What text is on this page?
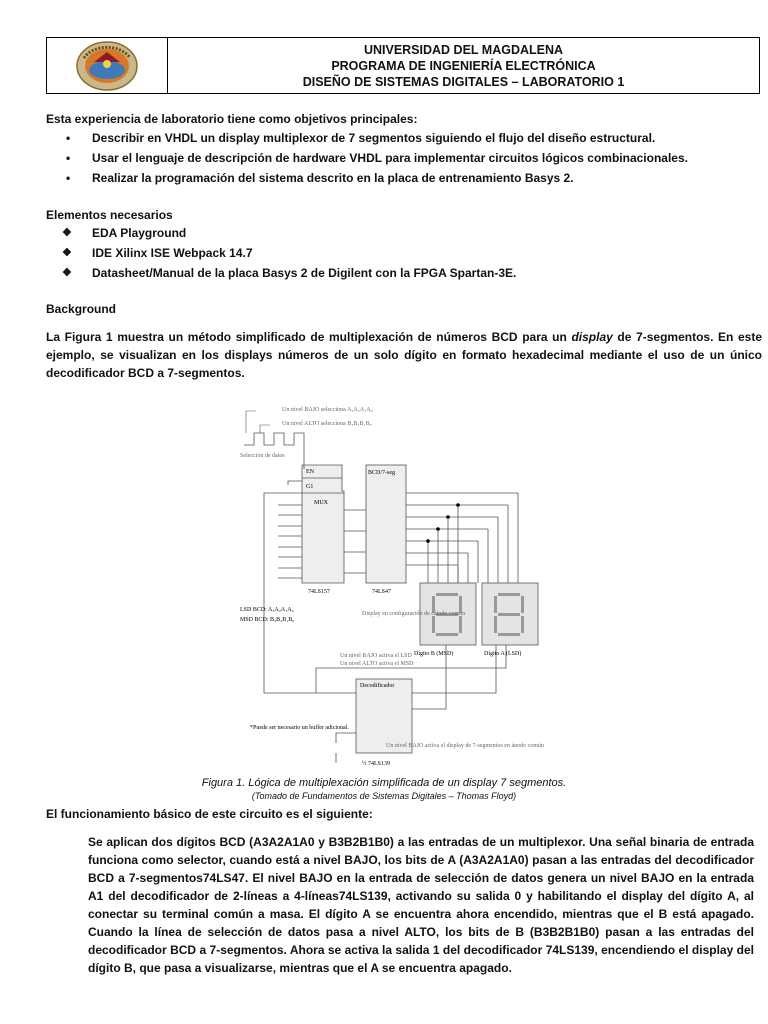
UNIVERSIDAD DEL MAGDALENA
PROGRAMA DE INGENIERÍA ELECTRÓNICA
DISEÑO DE SISTEMAS DIGITALES – LABORATORIO 1
Esta experiencia de laboratorio tiene como objetivos principales:
• Describir en VHDL un display multiplexor de 7 segmentos siguiendo el flujo del diseño estructural.
• Usar el lenguaje de descripción de hardware VHDL para implementar circuitos lógicos combinacionales.
• Realizar la programación del sistema descrito en la placa de entrenamiento Basys 2.
Elementos necesarios
❖ EDA Playground
❖ IDE Xilinx ISE Webpack 14.7
❖ Datasheet/Manual de la placa Basys 2 de Digilent con la FPGA Spartan-3E.
Background
La Figura 1 muestra un método simplificado de multiplexación de números BCD para un display de 7-segmentos. En este ejemplo, se visualizan en los displays números de un solo dígito en formato hexadecimal mediante el uso de un único decodificador BCD a 7-segmentos.
Un nivel BAJO selecciona A₃A₂A₁A₀
Un nivel ALTO selecciona B₃B₂B₁B₀
Selección de datos
EN
G1
MUX
74LS157
BCD/7-seg
74LS47
LSD BCD: A₃A₂A₁A₀
MSD BCD: B₃B₂B₁B₀
Display en configuración de cátodo común
Dígito B (MSD)	Dígito A (LSD)
Un nivel BAJO activa el LSD
Un nivel ALTO activa el MSD
Decodificador
*Puede ser necesario un buffer adicional.
Un nivel BAJO activa el display de 7-segmentos en ánodo común
½ 74LS139
Figura 1. Lógica de multiplexación simplificada de un display 7 segmentos.
(Tomado de Fundamentos de Sistemas Digitales – Thomas Floyd)
El funcionamiento básico de este circuito es el siguiente:
Se aplican dos dígitos BCD (A3A2A1A0 y B3B2B1B0) a las entradas de un multiplexor. Una señal binaria de entrada funciona como selector, cuando está a nivel BAJO, los bits de A (A3A2A1A0) pasan a las entradas del decodificador BCD a 7-segmentos74LS47. El nivel BAJO en la entrada de selección de datos genera un nivel BAJO en la entrada A1 del decodificador de 2-líneas a 4-líneas74LS139, activando su salida 0 y habilitando el display del dígito A, al conectar su terminal común a masa. El dígito A se encuentra ahora encendido, mientras que el B está apagado. Cuando la línea de selección de datos pasa a nivel ALTO, los bits de B (B3B2B1B0) pasan a las entradas del decodificador BCD a 7-segmentos. Ahora se activa la salida 1 del decodificador 74LS139, encendiendo el display del dígito B, que pasa a visualizarse, mientras que el A se encuentra apagado.
